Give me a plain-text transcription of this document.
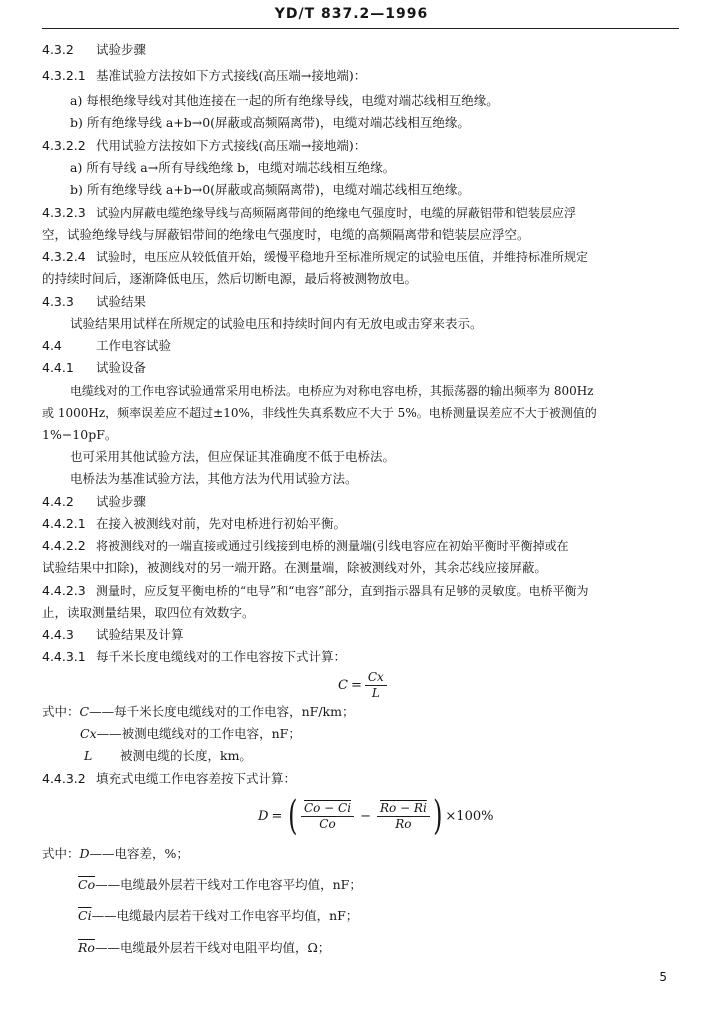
YD/T 837.2—1996
4.3.2 试验步骤
4.3.2.1 基准试验方法按如下方式接线(高压端→接地端)：
a) 每根绝缘导线对其他连接在一起的所有绝缘导线，电缆对端芯线相互绝缘。
b) 所有绝缘导线 a+b→0(屏蔽或高频隔离带)，电缆对端芯线相互绝缘。
4.3.2.2 代用试验方法按如下方式接线(高压端→接地端)：
a) 所有导线 a→所有导线绝缘 b，电缆对端芯线相互绝缘。
b) 所有绝缘导线 a+b→0(屏蔽或高频隔离带)，电缆对端芯线相互绝缘。
4.3.2.3 试验内屏蔽电缆绝缘导线与高频隔离带间的绝缘电气强度时，电缆的屏蔽铝带和铠装层应浮
空，试验绝缘导线与屏蔽铝带间的绝缘电气强度时，电缆的高频隔离带和铠装层应浮空。
4.3.2.4 试验时，电压应从较低值开始，缓慢平稳地升至标准所规定的试验电压值，并维持标准所规定
的持续时间后，逐渐降低电压，然后切断电源，最后将被测物放电。
4.3.3 试验结果
试验结果用试样在所规定的试验电压和持续时间内有无放电或击穿来表示。
4.4	工作电容试验
4.4.1 试验设备
电缆线对的工作电容试验通常采用电桥法。电桥应为对称电容电桥，其振荡器的输出频率为 800Hz
或 1000Hz，频率误差应不超过±10%，非线性失真系数应不大于 5%。电桥测量误差应不大于被测值的
1%−10pF。
也可采用其他试验方法，但应保证其准确度不低于电桥法。
电桥法为基准试验方法，其他方法为代用试验方法。
4.4.2 试验步骤
4.4.2.1 在接入被测线对前，先对电桥进行初始平衡。
4.4.2.2 将被测线对的一端直接或通过引线接到电桥的测量端(引线电容应在初始平衡时平衡掉或在
试验结果中扣除)，被测线对的另一端开路。在测量端，除被测线对外，其余芯线应接屏蔽。
4.4.2.3 测量时，应反复平衡电桥的“电导”和“电容”部分，直到指示器具有足够的灵敏度。电桥平衡为
止，读取测量结果，取四位有效数字。
4.4.3 试验结果及计算
4.4.3.1 每千米长度电缆线对的工作电容按下式计算：
$C = \frac{Cx}{L}$
式中：C——每千米长度电缆线对的工作电容，nF/km；
Cx——被测电缆线对的工作电容，nF；
L 被测电缆的长度，km。
4.4.3.2 填充式电缆工作电容差按下式计算：
D = ( $\frac{Co - Ci}{Co} - \frac{Ro - Ri}{Ro}$ ) ×100%
式中：D——电容差，%；
$\overline{Co}——$电缆最外层若干线对工作电容平均值，nF；
$\overline{Ci}——$电缆最内层若干线对工作电容平均值，nF；
$\overline{Ro}——$电缆最外层若干线对电阻平均值，Ω；
5
